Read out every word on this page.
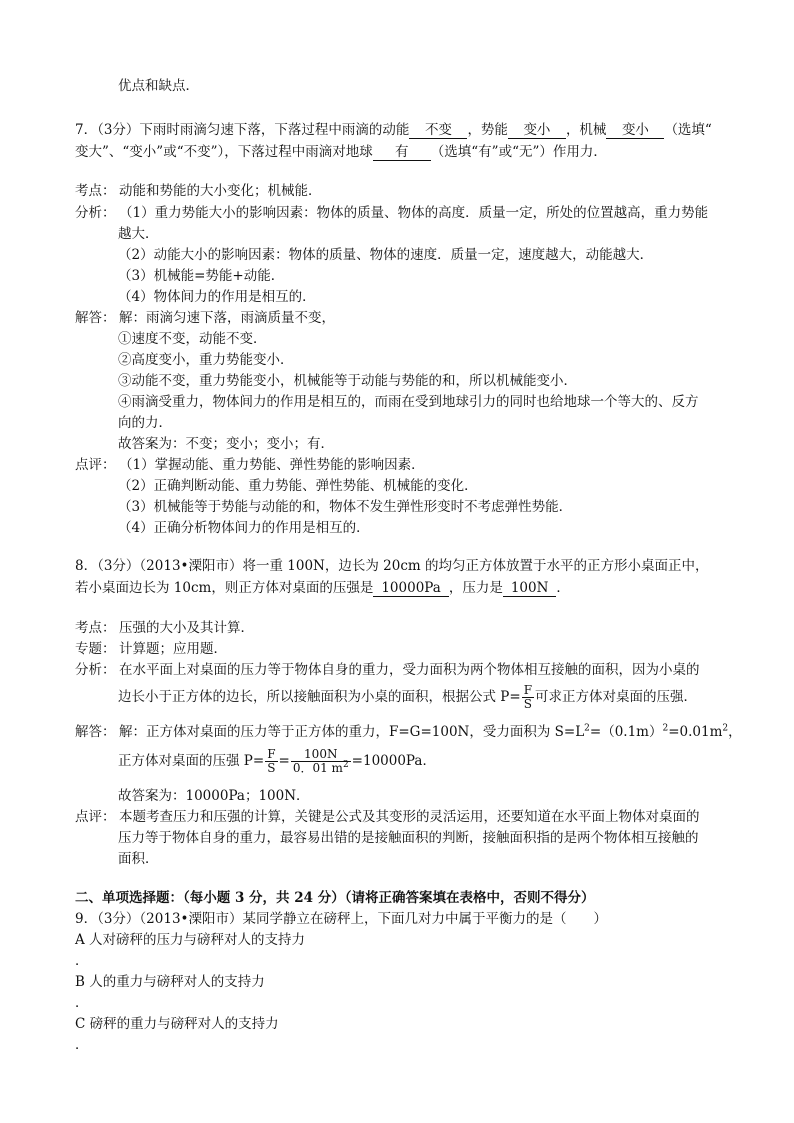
优点和缺点．
7．（3分）下雨时雨滴匀速下落，下落过程中雨滴的动能 不变 ，势能 变小 ，机械 变小 （选填“
变大”、“变小”或“不变”），下落过程中雨滴对地球 有 （选填“有”或“无”）作用力．
考点： 动能和势能的大小变化；机械能．
分析： （1）重力势能大小的影响因素：物体的质量、物体的高度．质量一定，所处的位置越高，重力势能
越大．
（2）动能大小的影响因素：物体的质量、物体的速度．质量一定，速度越大，动能越大．
（3）机械能=势能+动能．
（4）物体间力的作用是相互的．
解答： 解：雨滴匀速下落，雨滴质量不变，
①速度不变，动能不变．
②高度变小，重力势能变小．
③动能不变，重力势能变小，机械能等于动能与势能的和，所以机械能变小．
④雨滴受重力，物体间力的作用是相互的，而雨在受到地球引力的同时也给地球一个等大的、反方
向的力．
故答案为：不变；变小；变小；有．
点评： （1）掌握动能、重力势能、弹性势能的影响因素．
（2）正确判断动能、重力势能、弹性势能、机械能的变化．
（3）机械能等于势能与动能的和，物体不发生弹性形变时不考虑弹性势能．
（4）正确分析物体间力的作用是相互的．
8．（3分）（2013•溧阳市）将一重 100N，边长为 20cm 的均匀正方体放置于水平的正方形小桌面正中，
若小桌面边长为 10cm，则正方体对桌面的压强是 10000Pa ，压力是 100N ．
考点： 压强的大小及其计算．
专题： 计算题；应用题．
分析： 在水平面上对桌面的压力等于物体自身的重力，受力面积为两个物体相互接触的面积，因为小桌的
边长小于正方体的边长，所以接触面积为小桌的面积，根据公式 $P= \frac{F}{S}$ 可求正方体对桌面的压强．
解答： 解：正方体对桌面的压力等于正方体的重力，F=G=100N，受力面积为 $S=L^2=(0.1m)^2=0.01m^2$，
正方体对桌面的压强 $P= \frac{F}{S} = \frac{100N}{0.01 m^2} =10000Pa$．
故答案为：10000Pa；100N．
点评： 本题考查压力和压强的计算，关键是公式及其变形的灵活运用，还要知道在水平面上物体对桌面的
压力等于物体自身的重力，最容易出错的是接触面积的判断，接触面积指的是两个物体相互接触的
面积．
二、单项选择题：（每小题 3 分，共 24 分）（请将正确答案填在表格中，否则不得分）
9．（3分）（2013•溧阳市）某同学静立在磅秤上，下面几对力中属于平衡力的是（　　）
A 人对磅秤的压力与磅秤对人的支持力
．
B 人的重力与磅秤对人的支持力
．
C 磅秤的重力与磅秤对人的支持力
．
